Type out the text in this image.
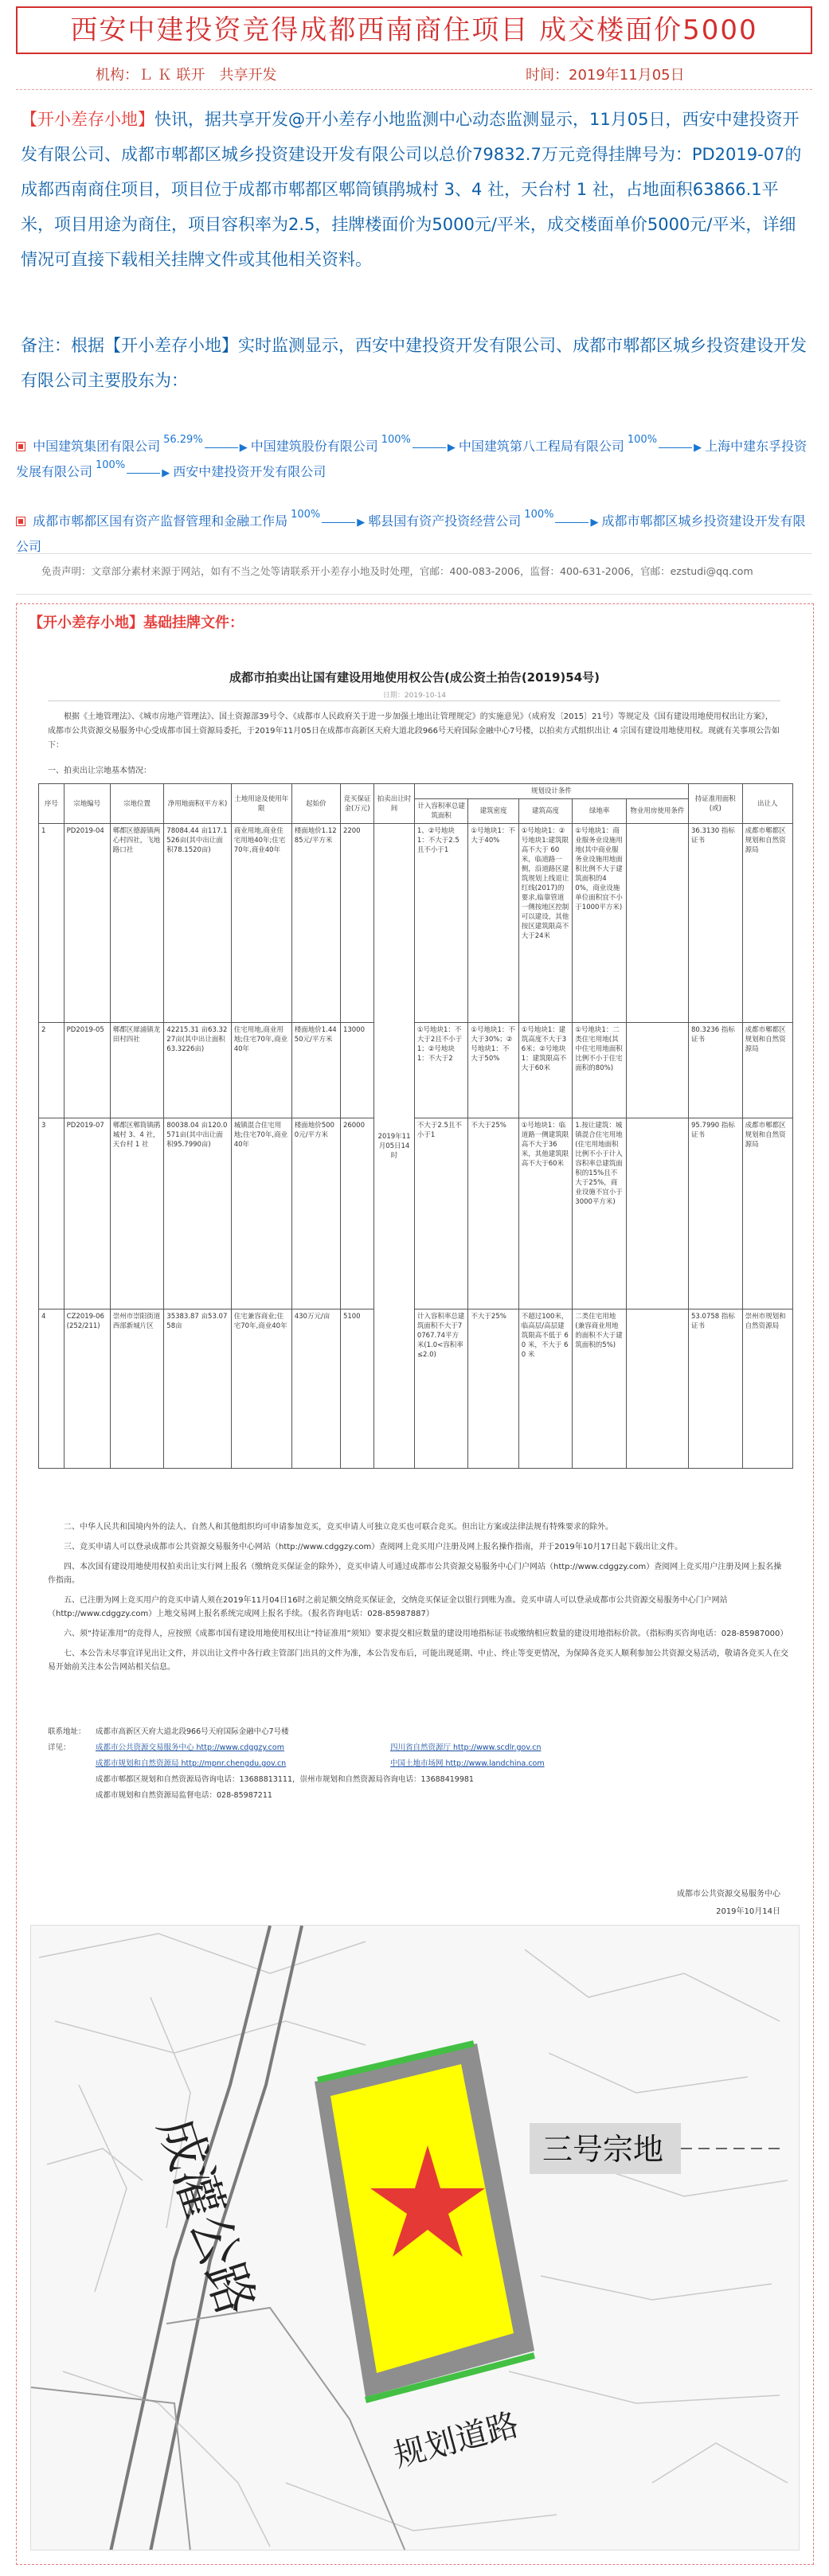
西安中建投资竞得成都西南商住项目 成交楼面价5000
机构：Ｌ Ｋ 联开　共享开发	时间：2019年11月05日
【开小差存小地】快讯，据共享开发@开小差存小地监测中心动态监测显示，11月05日，西安中建投资开发有限公司、成都市郫都区城乡投资建设开发有限公司以总价79832.7万元竞得挂牌号为：PD2019-07的成都西南商住项目，项目位于成都市郫都区郫筒镇鹃城村 3、4 社，天台村 1 社，占地面积63866.1平米，项目用途为商住，项目容积率为2.5，挂牌楼面价为5000元/平米，成交楼面单价5000元/平米，详细情况可直接下载相关挂牌文件或其他相关资料。
备注：根据【开小差存小地】实时监测显示，西安中建投资开发有限公司、成都市郫都区城乡投资建设开发有限公司主要股东为：
中国建筑集团有限公司 56.29%▶ 中国建筑股份有限公司 100%▶ 中国建筑第八工程局有限公司 100%▶ 上海中建东孚投资发展有限公司 100%▶ 西安中建投资开发有限公司
成都市郫都区国有资产监督管理和金融工作局 100%▶ 郫县国有资产投资经营公司 100%▶ 成都市郫都区城乡投资建设开发有限公司
免责声明：文章部分素材来源于网站，如有不当之处等请联系开小差存小地及时处理，官邮：400-083-2006，监督：400-631-2006，官邮：ezstudi@qq.com
【开小差存小地】基础挂牌文件：
成都市拍卖出让国有建设用地使用权公告(成公资土拍告(2019)54号)
日期：2019-10-14
根据《土地管理法》、《城市房地产管理法》、国土资源部39号令、《成都市人民政府关于进一步加强土地出让管理规定》的实施意见》（成府发〔2015〕21号）等规定及《国有建设用地使用权出让方案》，成都市公共资源交易服务中心受成都市国土资源局委托，于2019年11月05日在成都市高新区天府大道北段966号天府国际金融中心7号楼，以拍卖方式组织出让 4 宗国有建设用地使用权。现就有关事项公告如下：
一、拍卖出让宗地基本情况：
序号	宗地编号	宗地位置	净用地面积(平方米)	土地用途及使用年限	起始价	竞买保证金(万元)	拍卖出让时间	规划设计条件					持证准用面积(或)	出让人
								计入容积率总建筑面积	建筑密度	建筑高度	绿地率	物业用房使用条件		
1	PD2019-04	郫都区德源镇两心村四社，飞地路口社	78084.44 亩117.1526亩(其中出让面积78.1520亩)	商业用地,商业住宅用地40年;住宅70年,商业40年	楼面地价1.1285元/平方米	2200	2019年11月05日14时	1、②号地块1：不大于2.5且不小于1	①号地块1：不大于40%	①号地块1：②号地块1:建筑限高不大于 60 米，临道路一侧，沿道路区建筑规划上线退让红线(2017)的要求,临靠管道一侧按地区控制可以建设，其他按区建筑限高不大于24米	①号地块1：商业服务业设施用地(其中商业服务业设施用地面积比例不大于建筑面积的40%，商业设施单位面积宜不小于1000平方米)		36.3130 指标证书	成都市郫都区规划和自然资源局
2	PD2019-05	郫都区犀浦镇龙田村四社	42215.31 亩63.3227亩(其中出让面积63.3226亩)	住宅用地,商业用地;住宅70年,商业40年	楼面地价1.4450元/平方米	13000		①号地块1：不大于2且不小于1；②号地块1：不大于2	①号地块1：不大于30%；②号地块1：不大于50%	①号地块1：建筑高度不大于36米；②号地块1：建筑限高不大于60米	①号地块1：二类住宅用地(其中住宅用地面积比例不小于住宅面积的80%)		80.3236 指标证书	成都市郫都区规划和自然资源局
3	PD2019-07	郫都区郫筒镇鹃城村 3、4 社，天台村 1 社	80038.04 亩120.0571亩(其中出让面积95.7990亩)	城镇混合住宅用地;住宅70年,商业40年	楼面地价5000元/平方米	26000		不大于2.5且不小于1	不大于25%	①号地块1：临道路一侧建筑限高不大于36米，其他建筑限高不大于60米	1.按让建筑：城镇混合住宅用地(住宅用地面积比例不小于计入容积率总建筑面积的15%且不大于25%，商业设施不宜小于3000平方米)		95.7990 指标证书	成都市郫都区规划和自然资源局
4	CZ2019-06 (252/211)	崇州市崇阳街道西部新城片区	35383.87 亩53.0758亩	住宅兼容商业;住宅70年,商业40年	430万元/亩	5100		计入容积率总建筑面积不大于70767.74平方米(1.0<容积率≤2.0)	不大于25%	不超过100米，临高层/高层建筑限高不低于 60 米，不大于 60 米	二类住宅用地(兼容商业用地的面积不大于建筑面积的5%)		53.0758 指标证书	崇州市规划和自然资源局

二、中华人民共和国境内外的法人、自然人和其他组织均可申请参加竞买，竞买申请人可独立竞买也可联合竞买。但出让方案或法律法规有特殊要求的除外。

三、竞买申请人可以登录成都市公共资源交易服务中心网站（http://www.cdggzy.com）查阅网上竞买用户注册及网上报名操作指南，并于2019年10月17日起下载出让文件。

四、本次国有建设用地使用权拍卖出让实行网上报名（缴纳竞买保证金的除外），竞买申请人可通过成都市公共资源交易服务中心门户网站（http://www.cdggzy.com）查阅网上竞买用户注册及网上报名操作指南。

五、已注册为网上竞买用户的竞买申请人须在2019年11月04日16时之前足额交纳竞买保证金，交纳竞买保证金以银行到账为准。竞买申请人可以登录成都市公共资源交易服务中心门户网站（http://www.cdggzy.com）上地交易网上报名系统完成网上报名手续。（报名咨询电话：028-85987887）

六、须“持证准用”的竞得人，应按照《成都市国有建设用地使用权出让“持证准用”须知》要求提交相应数量的建设用地指标证书或缴纳相应数量的建设用地指标价款。（指标购买咨询电话：028-85987000）

七、本公告未尽事宜详见出让文件，并以出让文件中各行政主管部门出具的文件为准，本公告发布后，可能出现延期、中止、终止等变更情况，为保障各竞买人顺利参加公共资源交易活动，敬请各竞买人在交易开始前关注本公告网站相关信息。

联系地址： 成都市高新区天府大道北段966号天府国际金融中心7号楼
详见：	成都市公共资源交易服务中心 http://www.cdggzy.com	四川省自然资源厅 http://www.scdlr.gov.cn
成都市规划和自然资源局 http://mpnr.chengdu.gov.cn	中国土地市场网 http://www.landchina.com
成都市郫都区规划和自然资源局咨询电话：13688813111，崇州市规划和自然资源局咨询电话：13688419981
成都市规划和自然资源局监督电话：028-85987211
成都市公共资源交易服务中心
2019年10月14日
三号宗地
成灌公路
规划道路
